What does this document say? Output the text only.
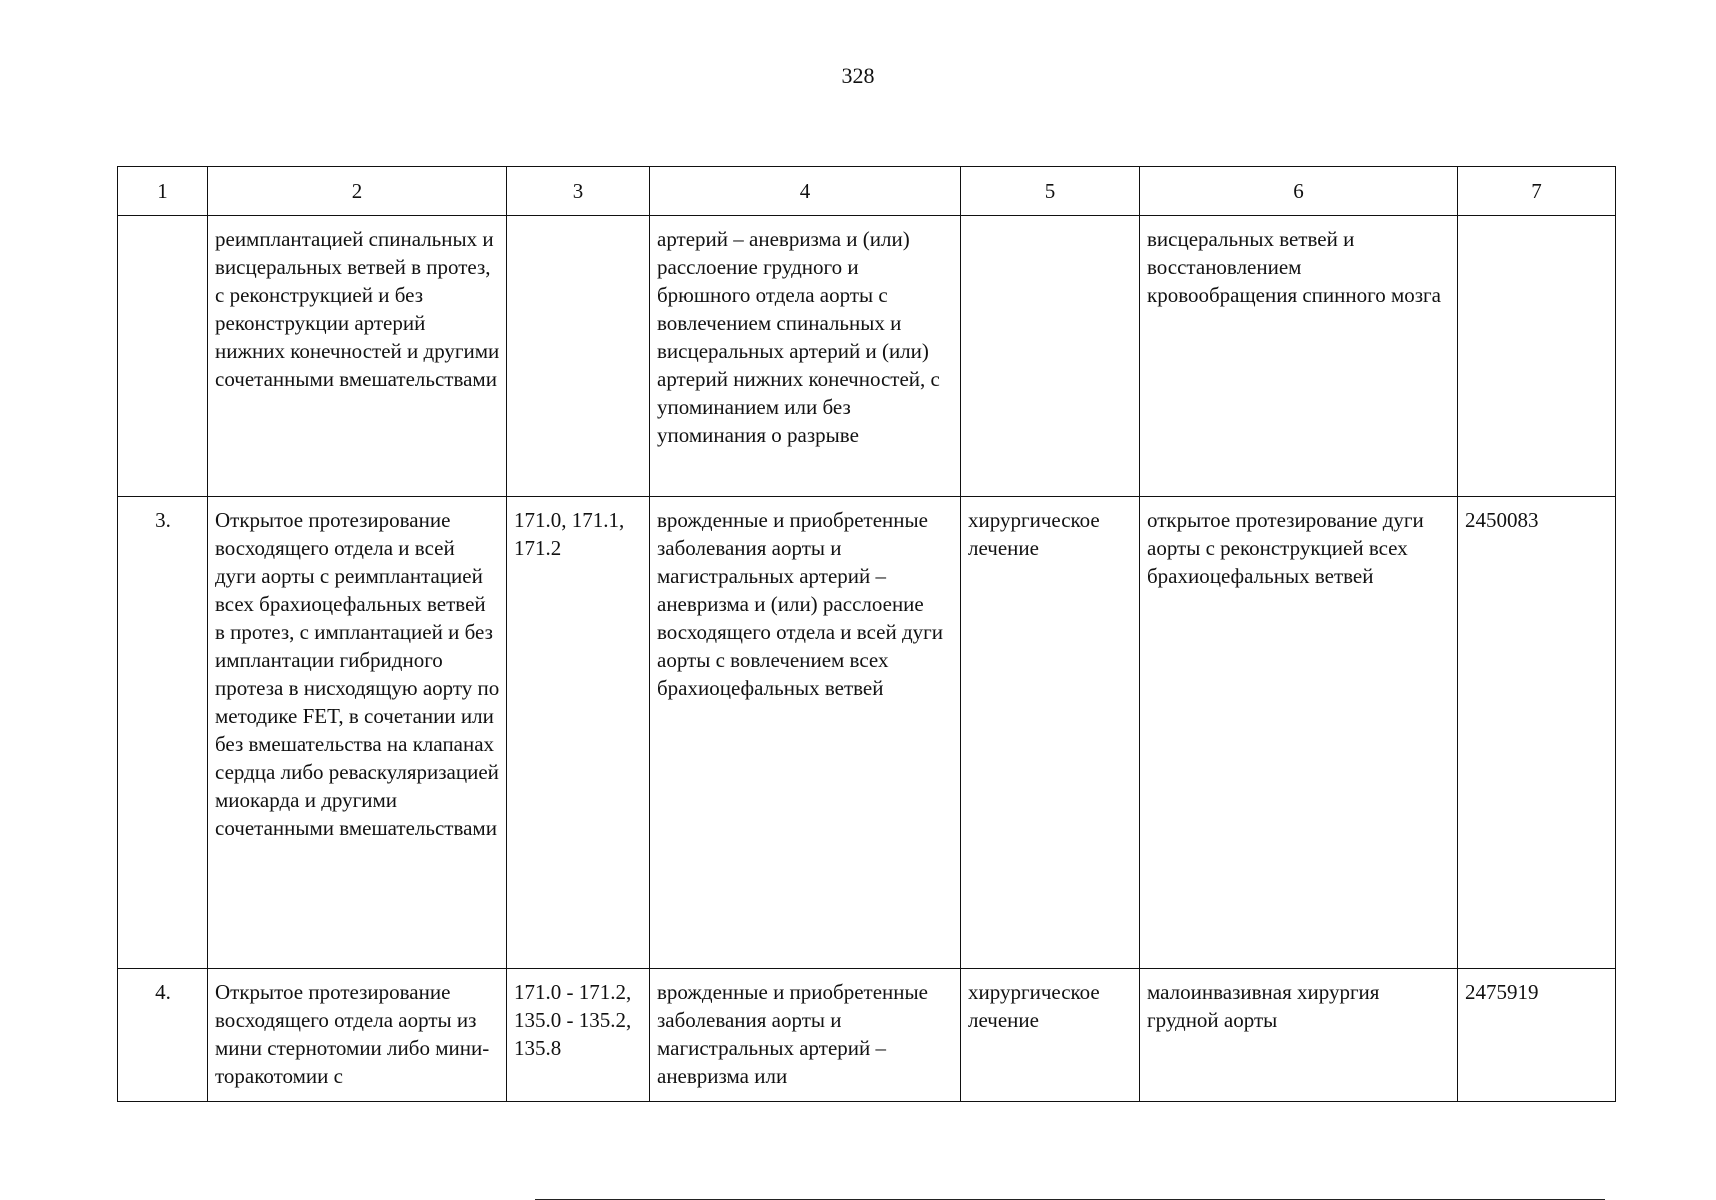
328
1	2	3	4	5	6	7
	реимплантацией спинальных и висцеральных ветвей в протез, с реконструкцией и без реконструкции артерий нижних конечностей и другими сочетанными вмешательствами		артерий – аневризма и (или) расслоение грудного и брюшного отдела аорты с вовлечением спинальных и висцеральных артерий и (или) артерий нижних конечностей, с упоминанием или без упоминания о разрыве		висцеральных ветвей и восстановлением кровообращения спинного мозга	
3.	Открытое протезирование восходящего отдела и всей дуги аорты с реимплантацией всех брахиоцефальных ветвей в протез, с имплантацией и без имплантации гибридного протеза в нисходящую аорту по методике FET, в сочетании или без вмешательства на клапанах сердца либо реваскуляризацией миокарда и другими сочетанными вмешательствами	171.0, 171.1, 171.2	врожденные и приобретенные заболевания аорты и магистральных артерий – аневризма и (или) расслоение восходящего отдела и всей дуги аорты с вовлечением всех брахиоцефальных ветвей	хирургическое лечение	открытое протезирование дуги аорты с реконструкцией всех брахиоцефальных ветвей	2450083
4.	Открытое протезирование восходящего отдела аорты из мини стернотомии либо мини-торакотомии с	171.0 - 171.2, 135.0 - 135.2, 135.8	врожденные и приобретенные заболевания аорты и магистральных артерий – аневризма или	хирургическое лечение	малоинвазивная хирургия грудной аорты	2475919
